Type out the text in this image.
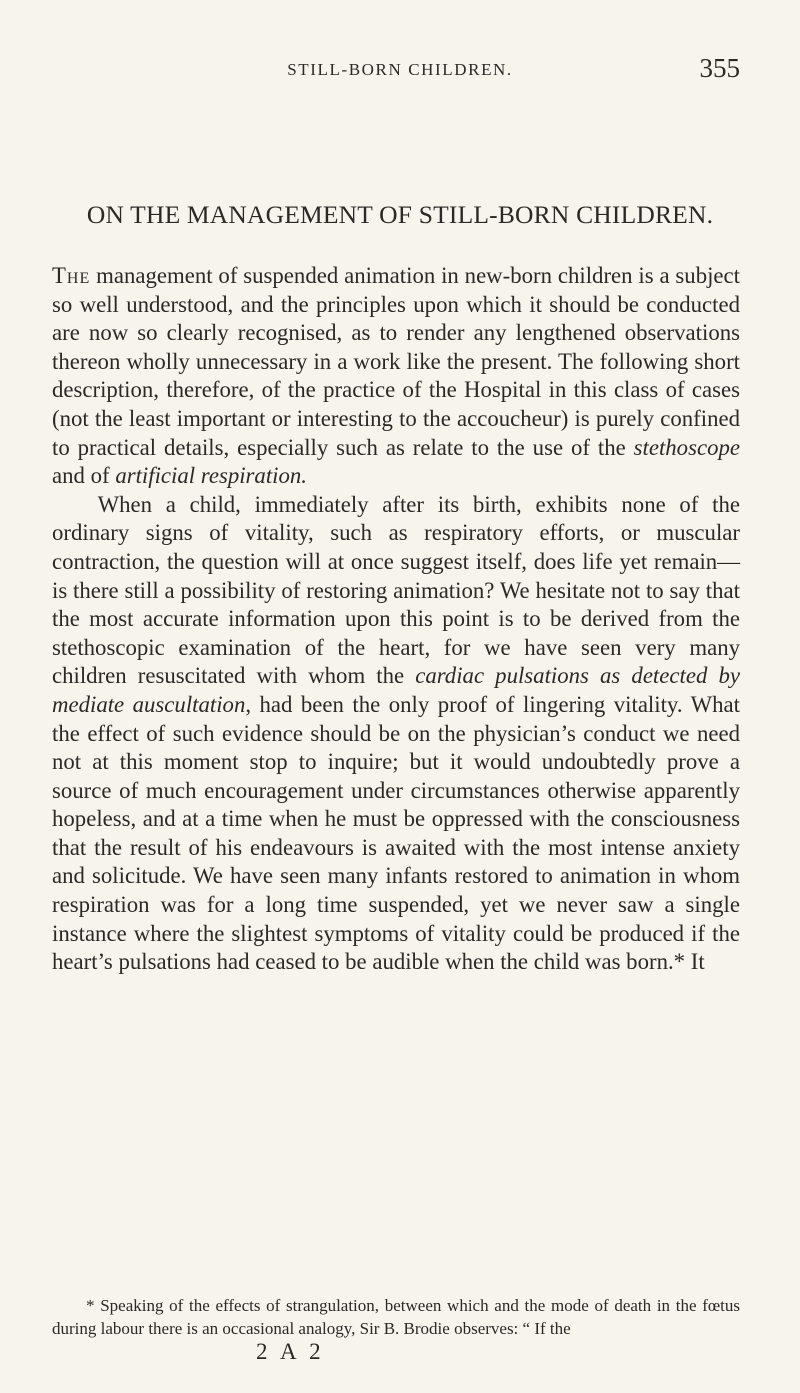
STILL-BORN CHILDREN.	355
ON THE MANAGEMENT OF STILL-BORN CHILDREN.

The management of suspended animation in new-born children is a subject so well understood, and the principles upon which it should be conducted are now so clearly recognised, as to render any lengthened observations thereon wholly unnecessary in a work like the present. The following short description, therefore, of the practice of the Hospital in this class of cases (not the least important or interesting to the accoucheur) is purely confined to practical details, especially such as relate to the use of the stethoscope and of artificial respiration.

When a child, immediately after its birth, exhibits none of the ordinary signs of vitality, such as respiratory efforts, or muscular contraction, the question will at once suggest itself, does life yet remain—is there still a possibility of restoring animation? We hesitate not to say that the most accurate information upon this point is to be derived from the stethoscopic examination of the heart, for we have seen very many children resuscitated with whom the cardiac pulsations as detected by mediate auscultation, had been the only proof of lingering vitality. What the effect of such evidence should be on the physician’s conduct we need not at this moment stop to inquire; but it would undoubtedly prove a source of much encouragement under circumstances otherwise apparently hopeless, and at a time when he must be oppressed with the consciousness that the result of his endeavours is awaited with the most intense anxiety and solicitude. We have seen many infants restored to animation in whom respiration was for a long time suspended, yet we never saw a single instance where the slightest symptoms of vitality could be produced if the heart’s pulsations had ceased to be audible when the child was born.* It

* Speaking of the effects of strangulation, between which and the mode of death in the fœtus during labour there is an occasional analogy, Sir B. Brodie observes: “ If the

2 A 2
